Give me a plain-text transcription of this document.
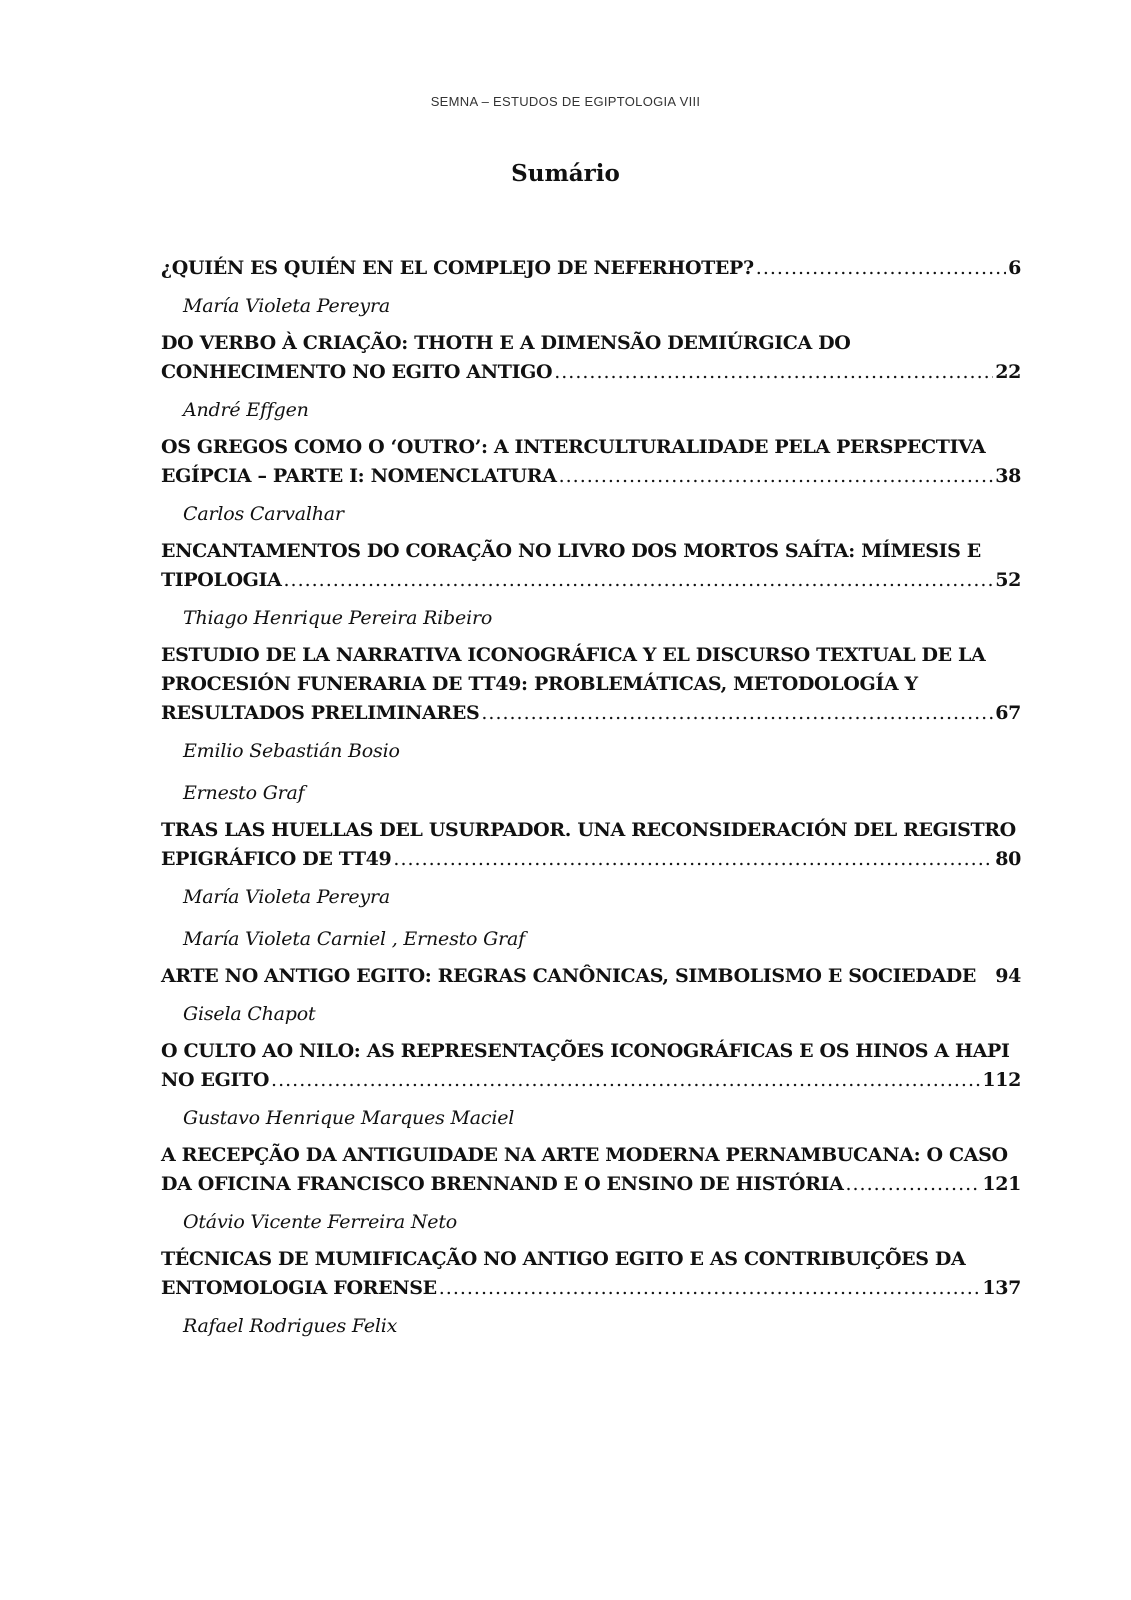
SEMNA – ESTUDOS DE EGIPTOLOGIA VIII
Sumário
¿QUIÉN ES QUIÉN EN EL COMPLEJO DE NEFERHOTEP? .....	6
María Violeta Pereyra
DO VERBO À CRIAÇÃO: THOTH E A DIMENSÃO DEMIÚRGICA DO
CONHECIMENTO NO EGITO ANTIGO .....	22
André Effgen
OS GREGOS COMO O ‘OUTRO’: A INTERCULTURALIDADE PELA PERSPECTIVA
EGÍPCIA – PARTE I: NOMENCLATURA .....	38
Carlos Carvalhar
ENCANTAMENTOS DO CORAÇÃO NO LIVRO DOS MORTOS SAÍTA: MÍMESIS E
TIPOLOGIA .....	52
Thiago Henrique Pereira Ribeiro
ESTUDIO DE LA NARRATIVA ICONOGRÁFICA Y EL DISCURSO TEXTUAL DE LA
PROCESIÓN FUNERARIA DE TT49: PROBLEMÁTICAS, METODOLOGÍA Y
RESULTADOS PRELIMINARES .....	67
Emilio Sebastián Bosio
Ernesto Graf
TRAS LAS HUELLAS DEL USURPADOR. UNA RECONSIDERACIÓN DEL REGISTRO
EPIGRÁFICO DE TT49 .....	80
María Violeta Pereyra
María Violeta Carniel , Ernesto Graf
ARTE NO ANTIGO EGITO: REGRAS CANÔNICAS, SIMBOLISMO E SOCIEDADE 94
Gisela Chapot
O CULTO AO NILO: AS REPRESENTAÇÕES ICONOGRÁFICAS E OS HINOS A HAPI
NO EGITO .....	112
Gustavo Henrique Marques Maciel
A RECEPÇÃO DA ANTIGUIDADE NA ARTE MODERNA PERNAMBUCANA: O CASO
DA OFICINA FRANCISCO BRENNAND E O ENSINO DE HISTÓRIA .....	121
Otávio Vicente Ferreira Neto
TÉCNICAS DE MUMIFICAÇÃO NO ANTIGO EGITO E AS CONTRIBUIÇÕES DA
ENTOMOLOGIA FORENSE .....	137
Rafael Rodrigues Felix
